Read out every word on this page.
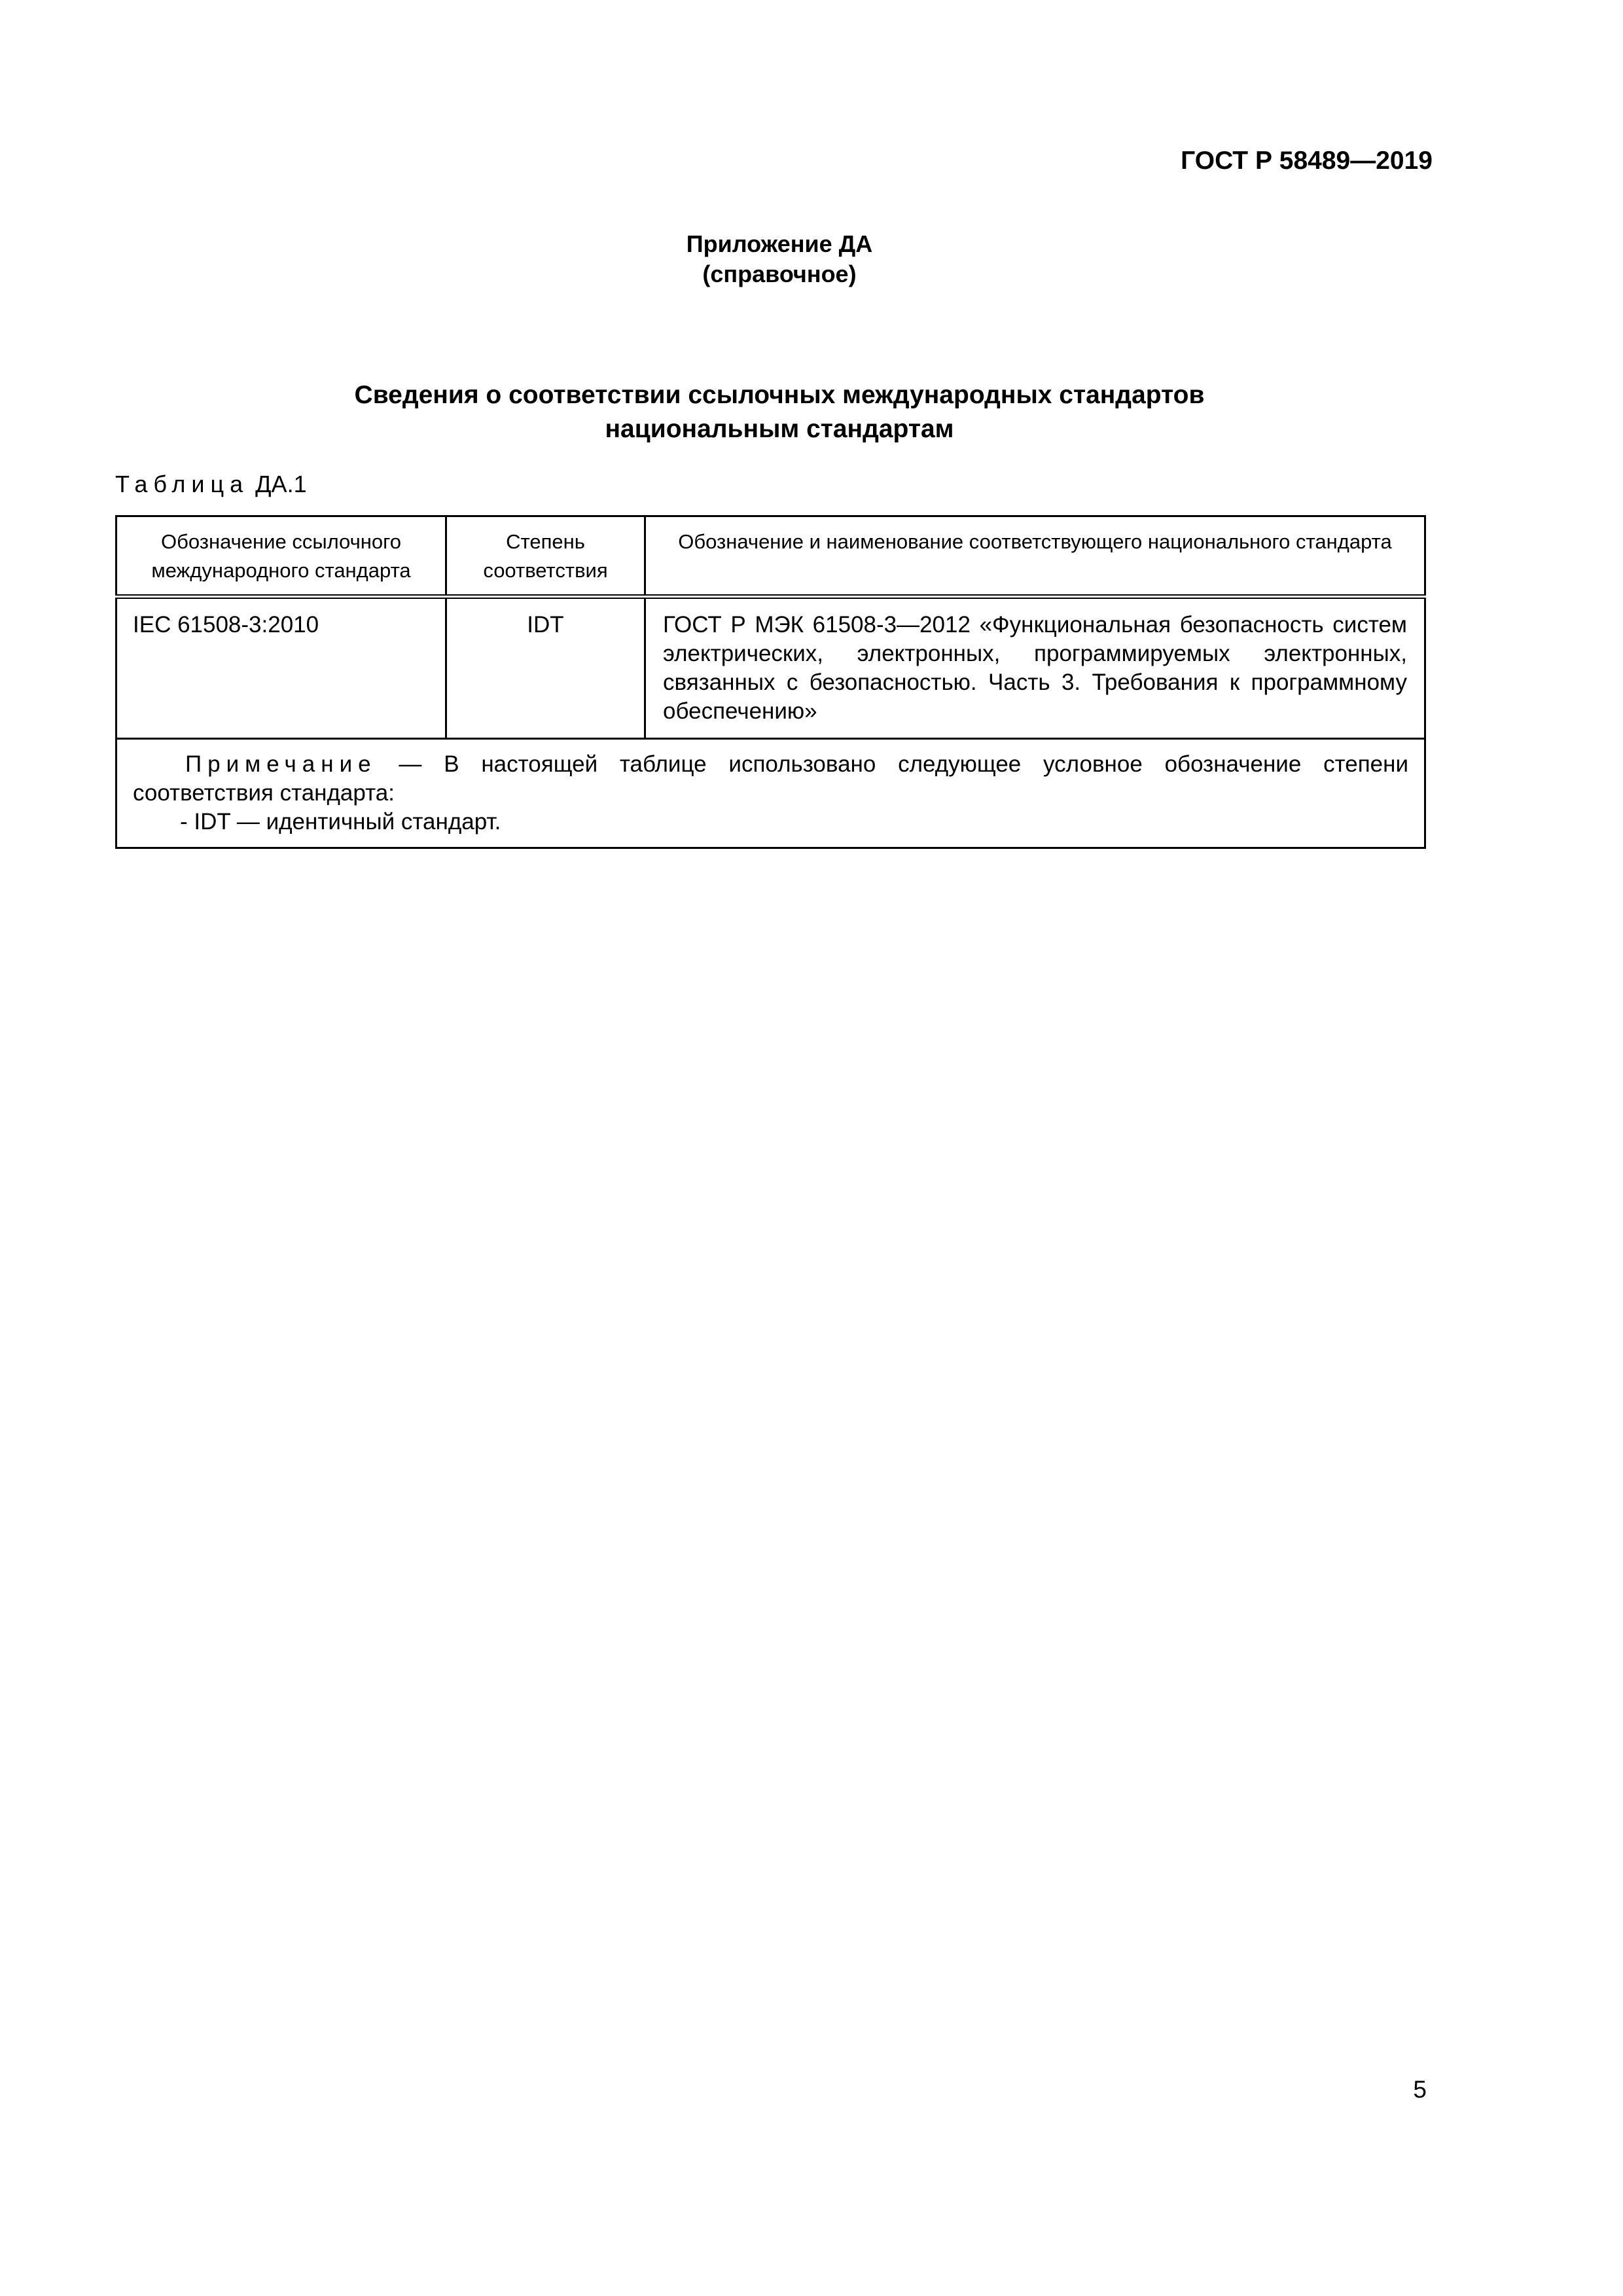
ГОСТ Р 58489—2019
Приложение ДА
(справочное)
Сведения о соответствии ссылочных международных стандартов
национальным стандартам
Таблица ДА.1
Обозначение ссылочного международного стандарта	Степень соответствия	Обозначение и наименование соответствующего национального стандарта
IEC 61508-3:2010	IDT	ГОСТ Р МЭК 61508-3—2012 «Функциональная безопасность систем электрических, электронных, программируемых электронных, связанных с безопасностью. Часть 3. Требования к программному обеспечению»

Примечание — В настоящей таблице использовано следующее условное обозначение степени соответствия стандарта:
- IDT — идентичный стандарт.		
5
